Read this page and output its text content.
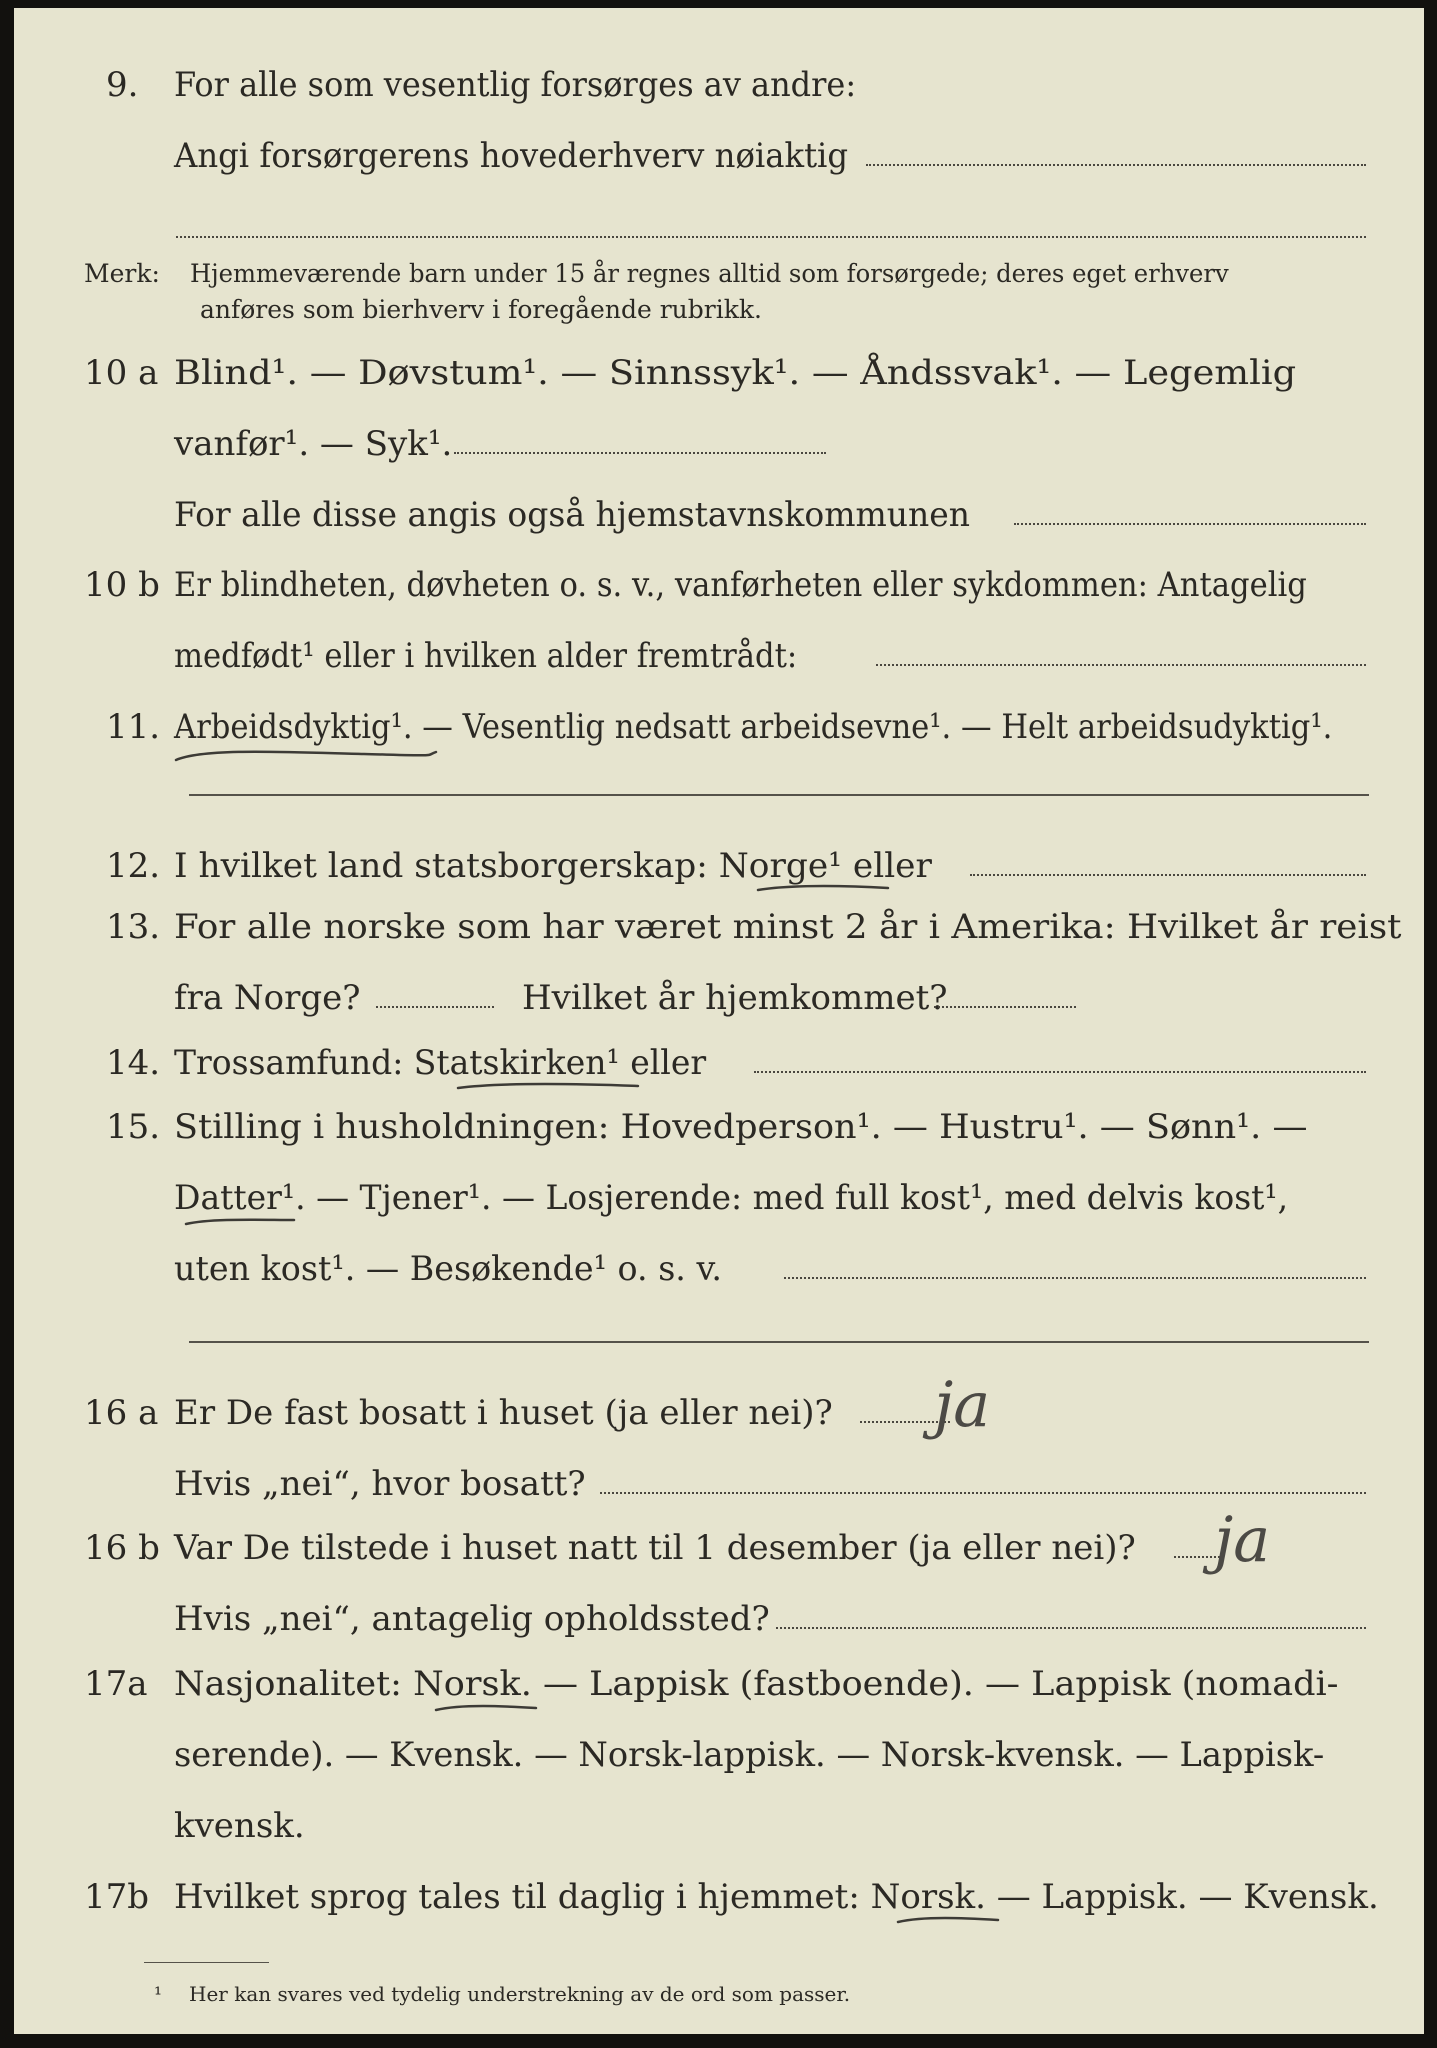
9. For alle som vesentlig forsørges av andre:
Angi forsørgerens hovederhverv nøiaktig
Merk: Hjemmeværende barn under 15 år regnes alltid som forsørgede; deres eget erhverv
anføres som bierhverv i foregående rubrikk.
10 a Blind¹. — Døvstum¹. — Sinnssyk¹. — Åndssvak¹. — Legemlig
vanfør¹. — Syk¹.
For alle disse angis også hjemstavnskommunen
10 b Er blindheten, døvheten o. s. v., vanførheten eller sykdommen: Antagelig
medfødt¹ eller i hvilken alder fremtrådt:
11. Arbeidsdyktig¹. — Vesentlig nedsatt arbeidsevne¹. — Helt arbeidsudyktig¹.
12. I hvilket land statsborgerskap: Norge¹ eller
13. For alle norske som har været minst 2 år i Amerika: Hvilket år reist
fra Norge?	Hvilket år hjemkommet?
14. Trossamfund: Statskirken¹ eller
15. Stilling i husholdningen: Hovedperson¹. — Hustru¹. — Sønn¹. —
Datter¹. — Tjener¹. — Losjerende: med full kost¹, med delvis kost¹,
uten kost¹. — Besøkende¹ o. s. v.
16 a Er De fast bosatt i huset (ja eller nei)? ja
Hvis „nei“, hvor bosatt?
16 b Var De tilstede i huset natt til 1 desember (ja eller nei)? ja
Hvis „nei“, antagelig opholdssted?
17a Nasjonalitet: Norsk. — Lappisk (fastboende). — Lappisk (nomadi-
serende). — Kvensk. — Norsk-lappisk. — Norsk-kvensk. — Lappisk-
kvensk.
17b Hvilket sprog tales til daglig i hjemmet: Norsk. — Lappisk. — Kvensk.
¹ Her kan svares ved tydelig understrekning av de ord som passer.
